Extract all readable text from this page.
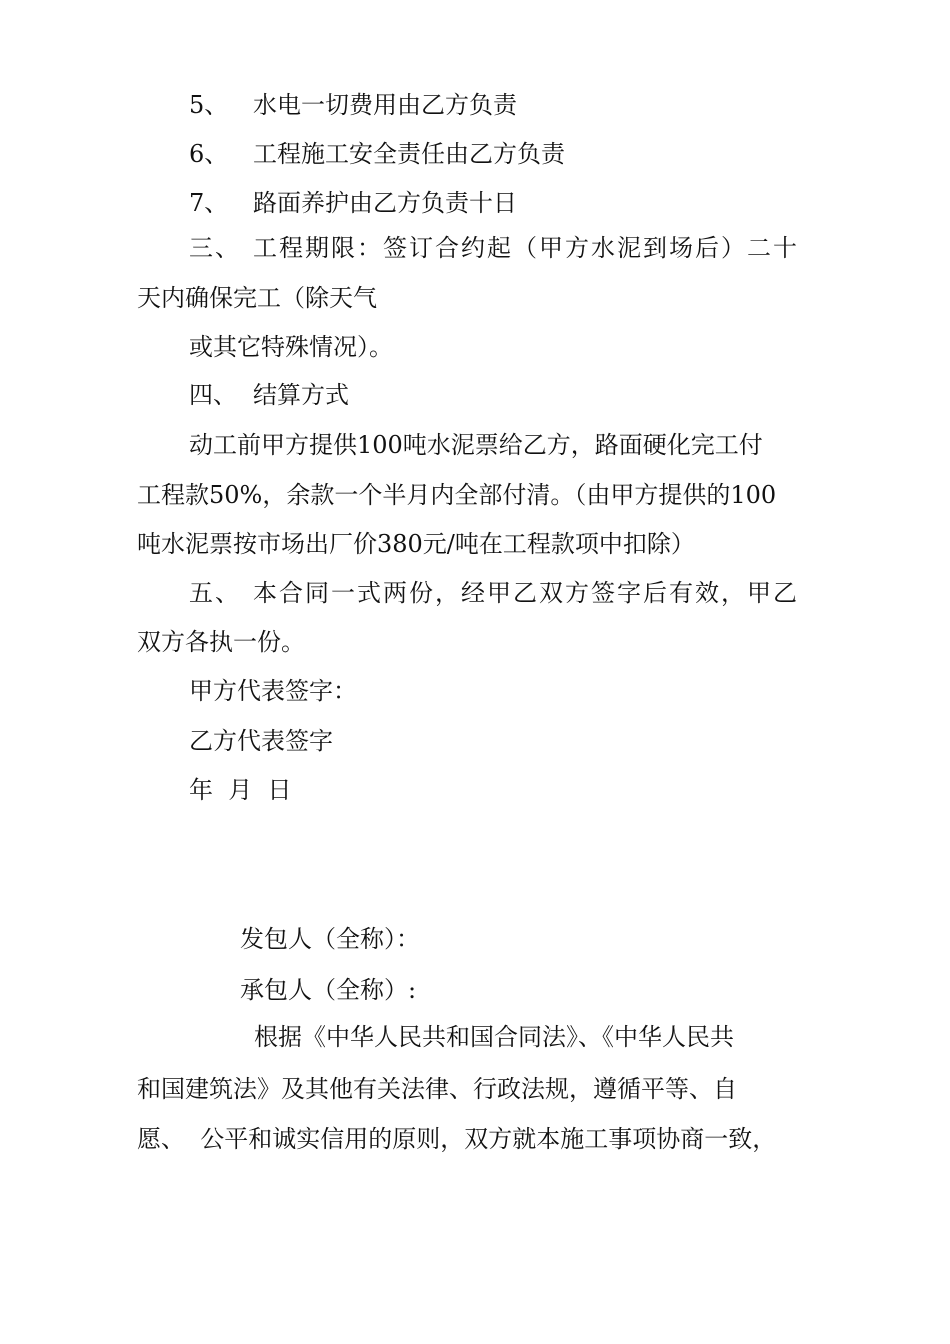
5、 水电一切费用由乙方负责

6、 工程施工安全责任由乙方负责

7、 路面养护由乙方负责十日

三、 工程期限：签订合约起（甲方水泥到场后）二十

天内确保完工（除天气

或其它特殊情况）。

四、 结算方式

动工前甲方提供100吨水泥票给乙方，路面硬化完工付

工程款50%，余款一个半月内全部付清。（由甲方提供的100

吨水泥票按市场出厂价380元/吨在工程款项中扣除）

五、 本合同一式两份，经甲乙双方签字后有效，甲乙

双方各执一份。

甲方代表签字：

乙方代表签字

年  月  日

发包人（全称）：

承包人（全称）:

根据《中华人民共和国合同法》、《中华人民共

和国建筑法》及其他有关法律、行政法规，遵循平等、自

愿、  公平和诚实信用的原则，双方就本施工事项协商一致，
